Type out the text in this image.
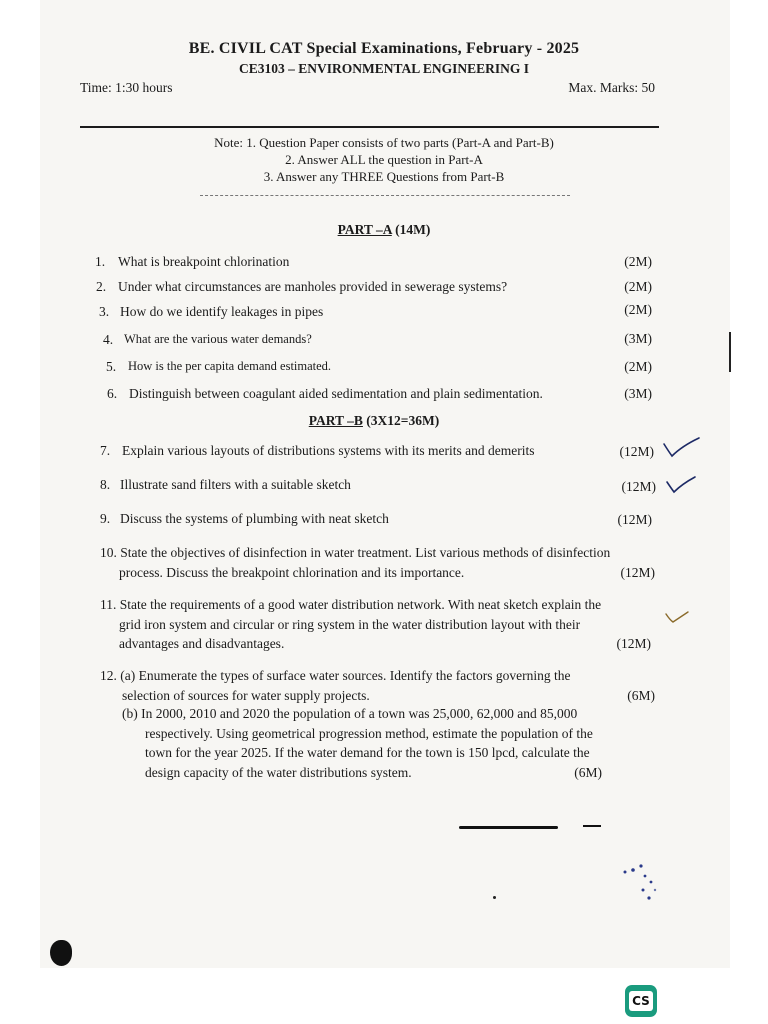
BE. CIVIL CAT Special Examinations, February - 2025
CE3103 – ENVIRONMENTAL ENGINEERING I
Time: 1:30 hours	Max. Marks: 50
Note: 1. Question Paper consists of two parts (Part-A and Part-B)
2. Answer ALL the question in Part-A
3. Answer any THREE Questions from Part-B
PART –A (14M)
1. What is breakpoint chlorination	(2M)
2. Under what circumstances are manholes provided in sewerage systems?	(2M)
3. How do we identify leakages in pipes	(2M)
4. What are the various water demands?	(3M)
5. How is the per capita demand estimated.	(2M)
6. Distinguish between coagulant aided sedimentation and plain sedimentation.	(3M)
PART –B (3X12=36M)
7. Explain various layouts of distributions systems with its merits and demerits	(12M)
8. Illustrate sand filters with a suitable sketch	(12M)
9. Discuss the systems of plumbing with neat sketch	(12M)
10. State the objectives of disinfection in water treatment. List various methods of disinfection
process. Discuss the breakpoint chlorination and its importance.	(12M)
11. State the requirements of a good water distribution network. With neat sketch explain the
grid iron system and circular or ring system in the water distribution layout with their
advantages and disadvantages.	(12M)
12. (a) Enumerate the types of surface water sources. Identify the factors governing the
selection of sources for water supply projects.	(6M)
(b) In 2000, 2010 and 2020 the population of a town was 25,000, 62,000 and 85,000
respectively. Using geometrical progression method, estimate the population of the
town for the year 2025. If the water demand for the town is 150 lpcd, calculate the
design capacity of the water distributions system.	(6M)
CS
